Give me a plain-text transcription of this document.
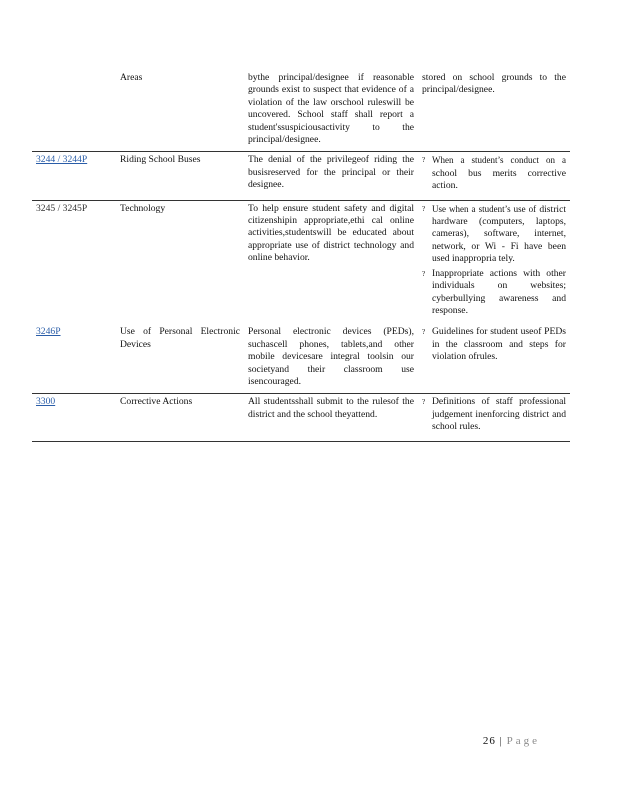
	Areas	bythe principal/designee if reasonable grounds exist to suspect that evidence of a violation of the law orschool ruleswill be uncovered. School staff shall report a student'ssuspiciousactivity to the principal/designee.	stored on school grounds to the principal/designee.

3244 / 3244P	Riding School Buses	The denial of the privilegeof riding the busisreserved for the principal or their designee.	? When a student’s conduct on a school bus merits corrective action.

3245 / 3245P	Technology	To help ensure student safety and digital citizenshipin appropriate,ethi cal online activities,studentswill be educated about appropriate use of district technology and online behavior.	? Use when a student’s use of district hardware (computers, laptops, cameras), software, internet, network, or Wi - Fi have been used inappropria tely.
? Inappropriate actions with other individuals on websites; cyberbullying awareness and response.

3246P	Use of Personal Electronic Devices	Personal electronic devices (PEDs), suchascell phones, tablets,and other mobile devicesare integral toolsin our societyand their classroom use isencouraged.	? Guidelines for student useof PEDs in the classroom and steps for violation ofrules.

3300	Corrective Actions	All studentsshall submit to the rulesof the district and the school theyattend.	? Definitions of staff professional judgement inenforcing district and school rules.
26 | Page
